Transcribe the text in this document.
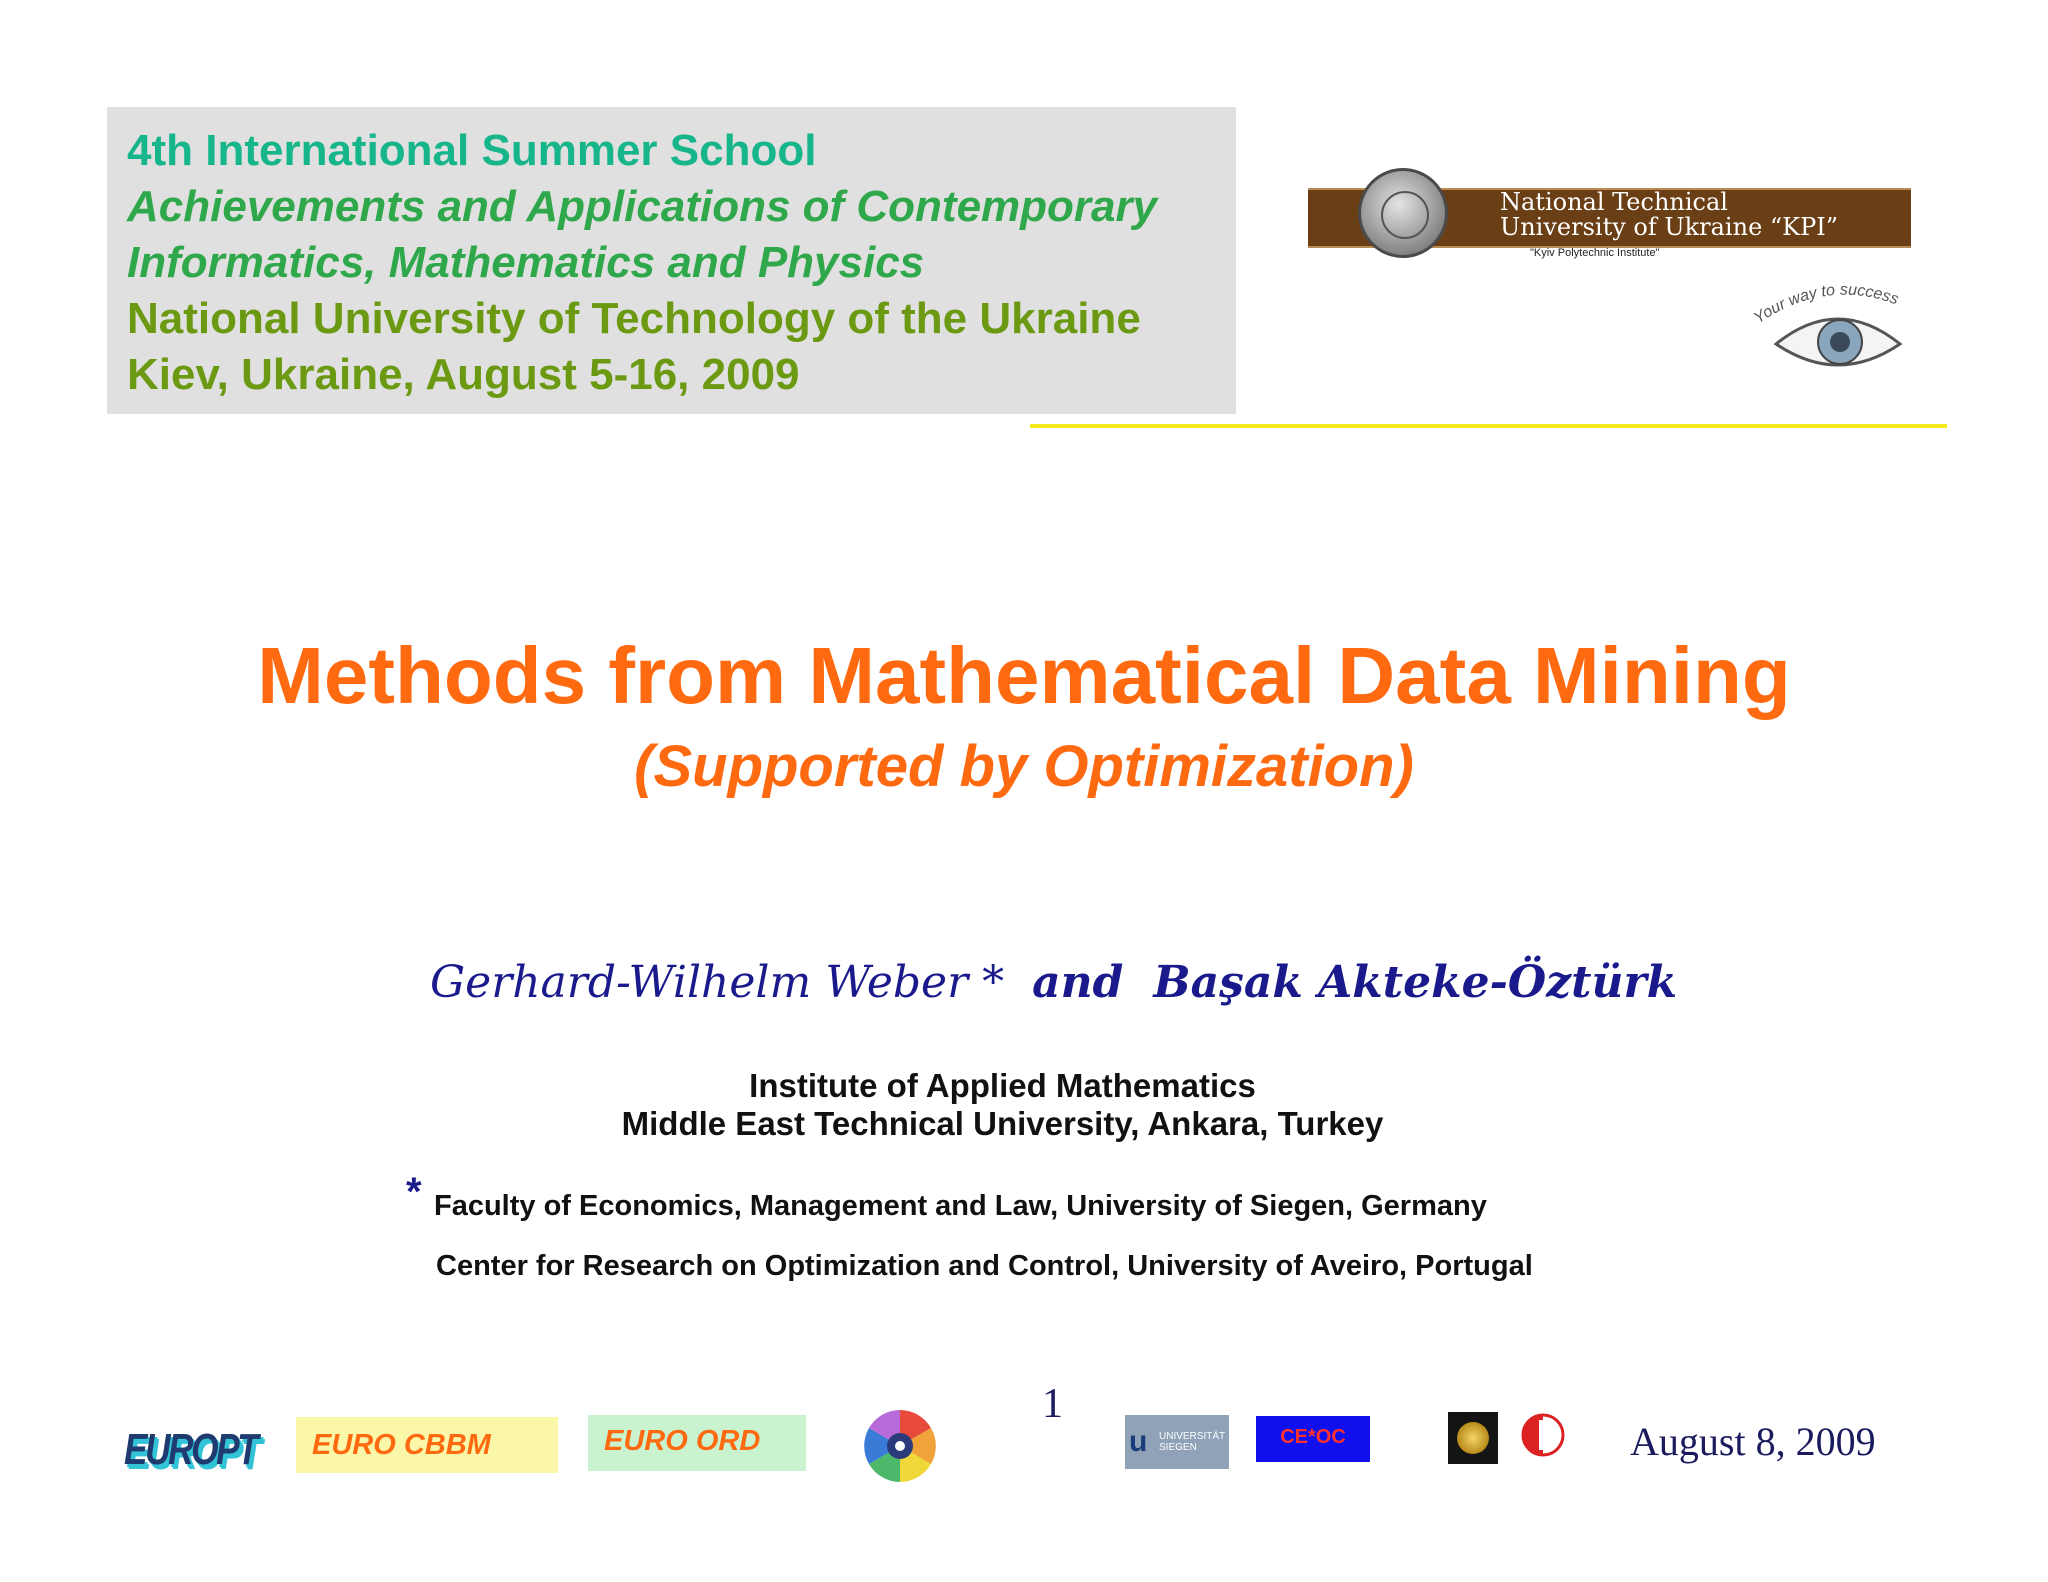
4th International Summer School
Achievements and Applications of Contemporary
Informatics, Mathematics and Physics
National University of Technology of the Ukraine
Kiev, Ukraine, August 5-16, 2009
National Technical
University of Ukraine “KPI”
"Kyiv Polytechnic Institute"
Your way to success
Methods from Mathematical Data Mining
(Supported by Optimization)
Gerhard-Wilhelm Weber * and Başak Akteke-Öztürk
Institute of Applied Mathematics
Middle East Technical University, Ankara, Turkey
* Faculty of Economics, Management and Law, University of Siegen, Germany
Center for Research on Optimization and Control, University of Aveiro, Portugal
1
EUROPT	EURO CBBM	EURO ORD	u UNIVERSITÄT
SIEGEN	CE*OC	August 8, 2009
